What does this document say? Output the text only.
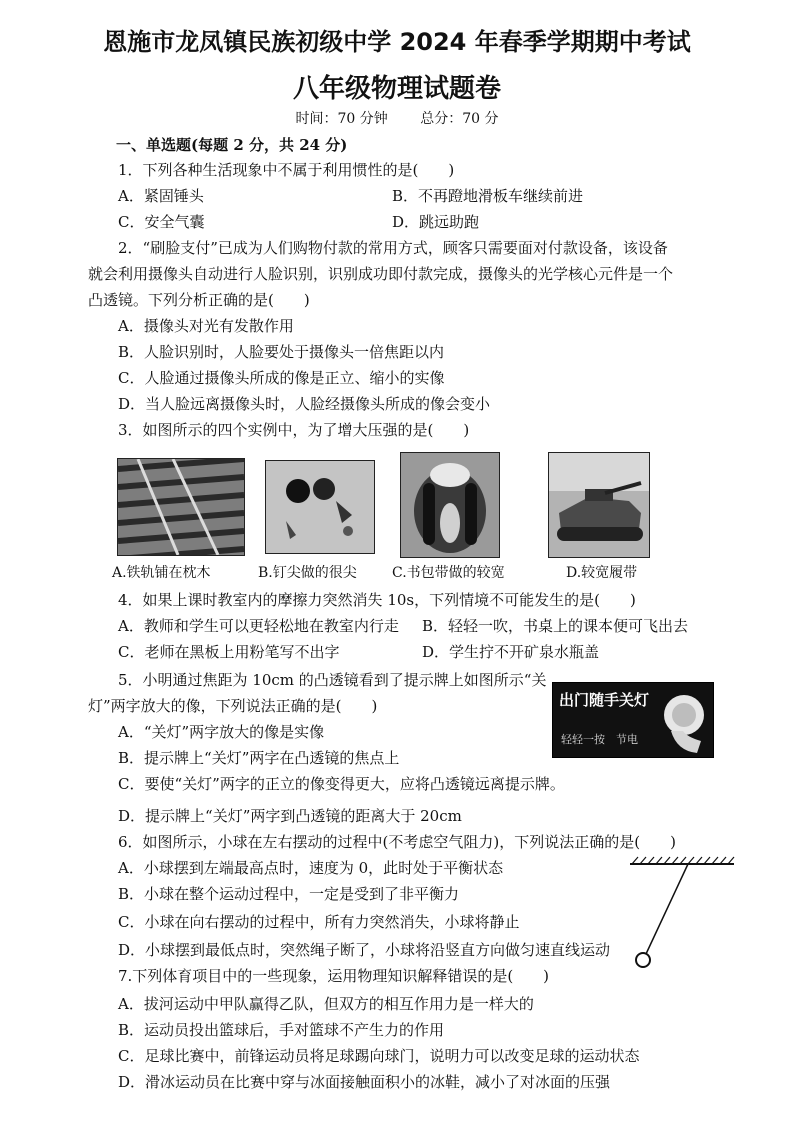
恩施市龙凤镇民族初级中学 2024 年春季学期期中考试
八年级物理试题卷
时间：70 分钟 总分：70 分
一、单选题(每题 2 分，共 24 分)
1．下列各种生活现象中不属于利用惯性的是(　　)
A．紧固锤头	B．不再蹬地滑板车继续前进
C．安全气囊	D．跳远助跑
2．“刷脸支付”已成为人们购物付款的常用方式，顾客只需要面对付款设备，该设备
就会利用摄像头自动进行人脸识别，识别成功即付款完成，摄像头的光学核心元件是一个
凸透镜。下列分析正确的是(　　)
A．摄像头对光有发散作用
B．人脸识别时，人脸要处于摄像头一倍焦距以内
C．人脸通过摄像头所成的像是正立、缩小的实像
D．当人脸远离摄像头时，人脸经摄像头所成的像会变小
3．如图所示的四个实例中，为了增大压强的是(　　)
A.铁轨铺在枕木	B.钉尖做的很尖	C.书包带做的较宽	D.较宽履带
4．如果上课时教室内的摩擦力突然消失 10s，下列情境不可能发生的是(　　)
A．教师和学生可以更轻松地在教室内行走 B．轻轻一吹，书桌上的课本便可飞出去
C．老师在黑板上用粉笔写不出字	D．学生拧不开矿泉水瓶盖
5．小明通过焦距为 10cm 的凸透镜看到了提示牌上如图所示“关
灯”两字放大的像，下列说法正确的是(　　)	出门随手关灯
轻轻一按　节电
A．“关灯”两字放大的像是实像
B．提示牌上“关灯”两字在凸透镜的焦点上
C．要使“关灯”两字的正立的像变得更大，应将凸透镜远离提示牌。
D．提示牌上“关灯”两字到凸透镜的距离大于 20cm
6．如图所示，小球在左右摆动的过程中(不考虑空气阻力)，下列说法正确的是(　　)
A．小球摆到左端最高点时，速度为 0，此时处于平衡状态
B．小球在整个运动过程中，一定是受到了非平衡力
C．小球在向右摆动的过程中，所有力突然消失，小球将静止
D．小球摆到最低点时，突然绳子断了，小球将沿竖直方向做匀速直线运动
7.下列体育项目中的一些现象，运用物理知识解释错误的是(　　)
A．拔河运动中甲队赢得乙队，但双方的相互作用力是一样大的
B．运动员投出篮球后，手对篮球不产生力的作用
C．足球比赛中，前锋运动员将足球踢向球门，说明力可以改变足球的运动状态
D．滑冰运动员在比赛中穿与冰面接触面积小的冰鞋，减小了对冰面的压强
